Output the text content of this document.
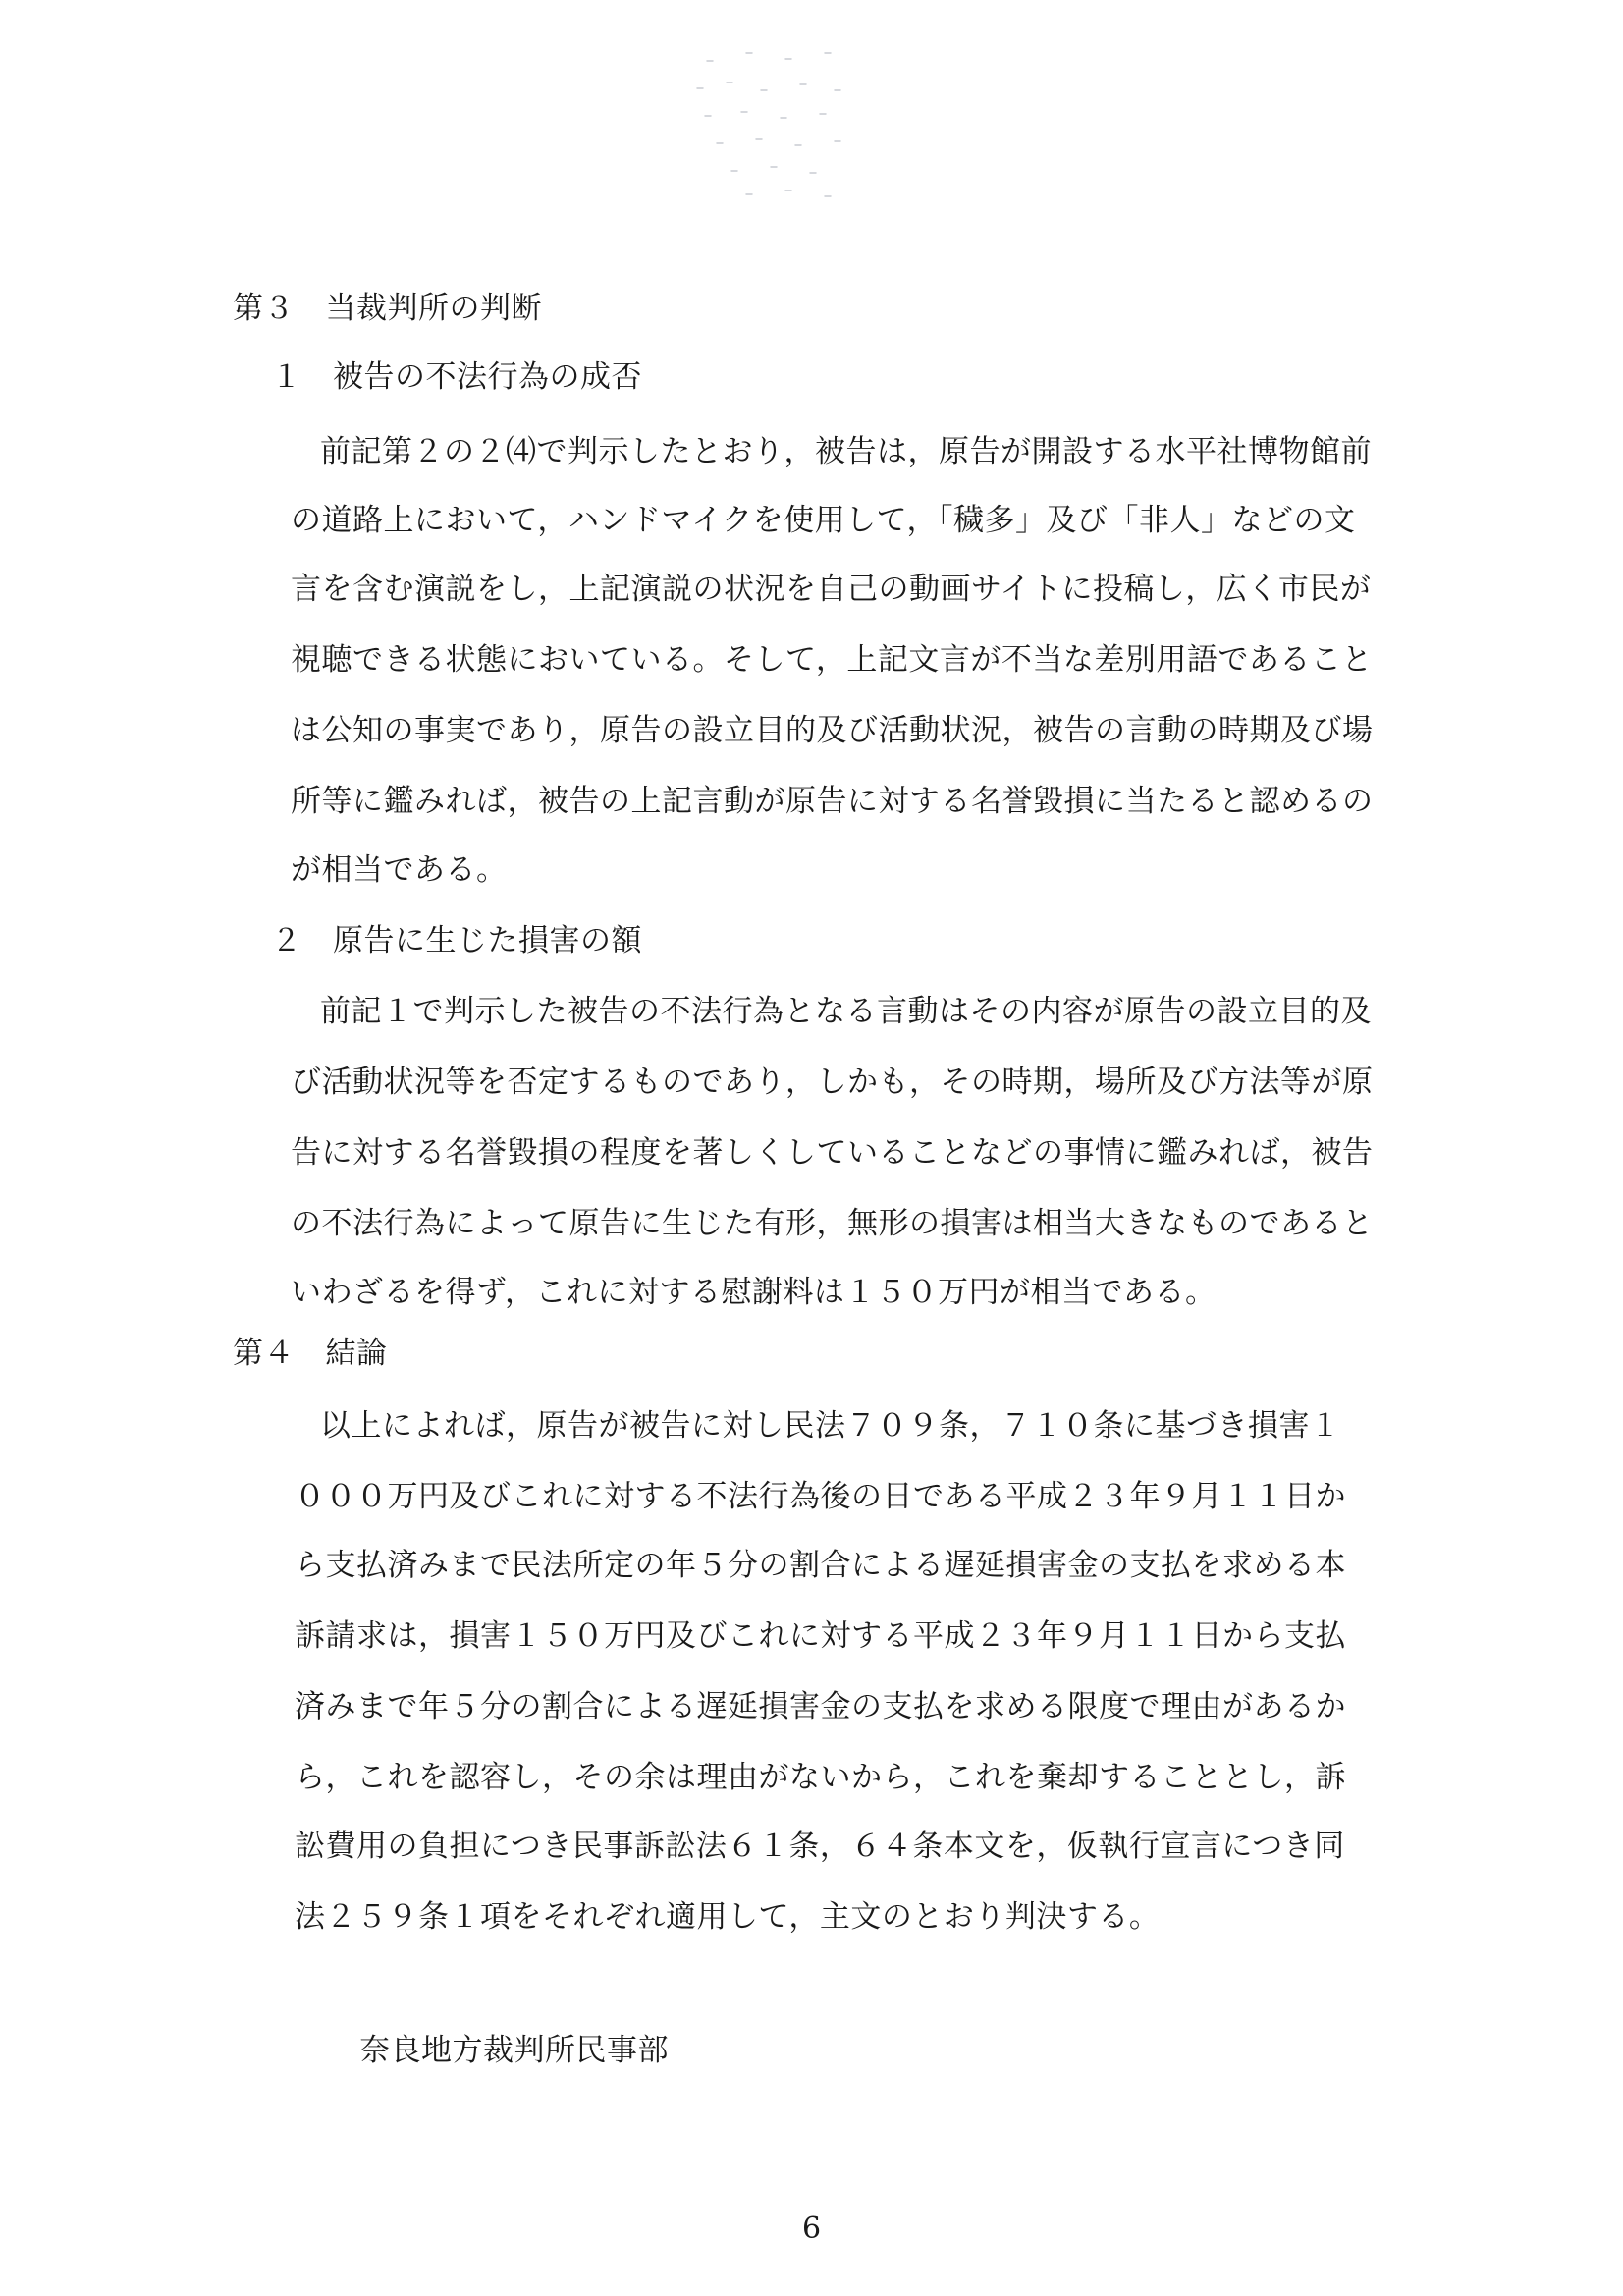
第３　当裁判所の判断
１　被告の不法行為の成否
前記第２の２⑷で判示したとおり，被告は，原告が開設する水平社博物館前
の道路上において，ハンドマイクを使用して，「穢多」及び「非人」などの文
言を含む演説をし，上記演説の状況を自己の動画サイトに投稿し，広く市民が
視聴できる状態においている。そして，上記文言が不当な差別用語であること
は公知の事実であり，原告の設立目的及び活動状況，被告の言動の時期及び場
所等に鑑みれば，被告の上記言動が原告に対する名誉毀損に当たると認めるの
が相当である。
２　原告に生じた損害の額
前記１で判示した被告の不法行為となる言動はその内容が原告の設立目的及
び活動状況等を否定するものであり，しかも，その時期，場所及び方法等が原
告に対する名誉毀損の程度を著しくしていることなどの事情に鑑みれば，被告
の不法行為によって原告に生じた有形，無形の損害は相当大きなものであると
いわざるを得ず，これに対する慰謝料は１５０万円が相当である。
第４　結論
以上によれば，原告が被告に対し民法７０９条，７１０条に基づき損害１
０００万円及びこれに対する不法行為後の日である平成２３年９月１１日か
ら支払済みまで民法所定の年５分の割合による遅延損害金の支払を求める本
訴請求は，損害１５０万円及びこれに対する平成２３年９月１１日から支払
済みまで年５分の割合による遅延損害金の支払を求める限度で理由があるか
ら，これを認容し，その余は理由がないから，これを棄却することとし，訴
訟費用の負担につき民事訴訟法６１条，６４条本文を，仮執行宣言につき同
法２５９条１項をそれぞれ適用して，主文のとおり判決する。
奈良地方裁判所民事部
6
